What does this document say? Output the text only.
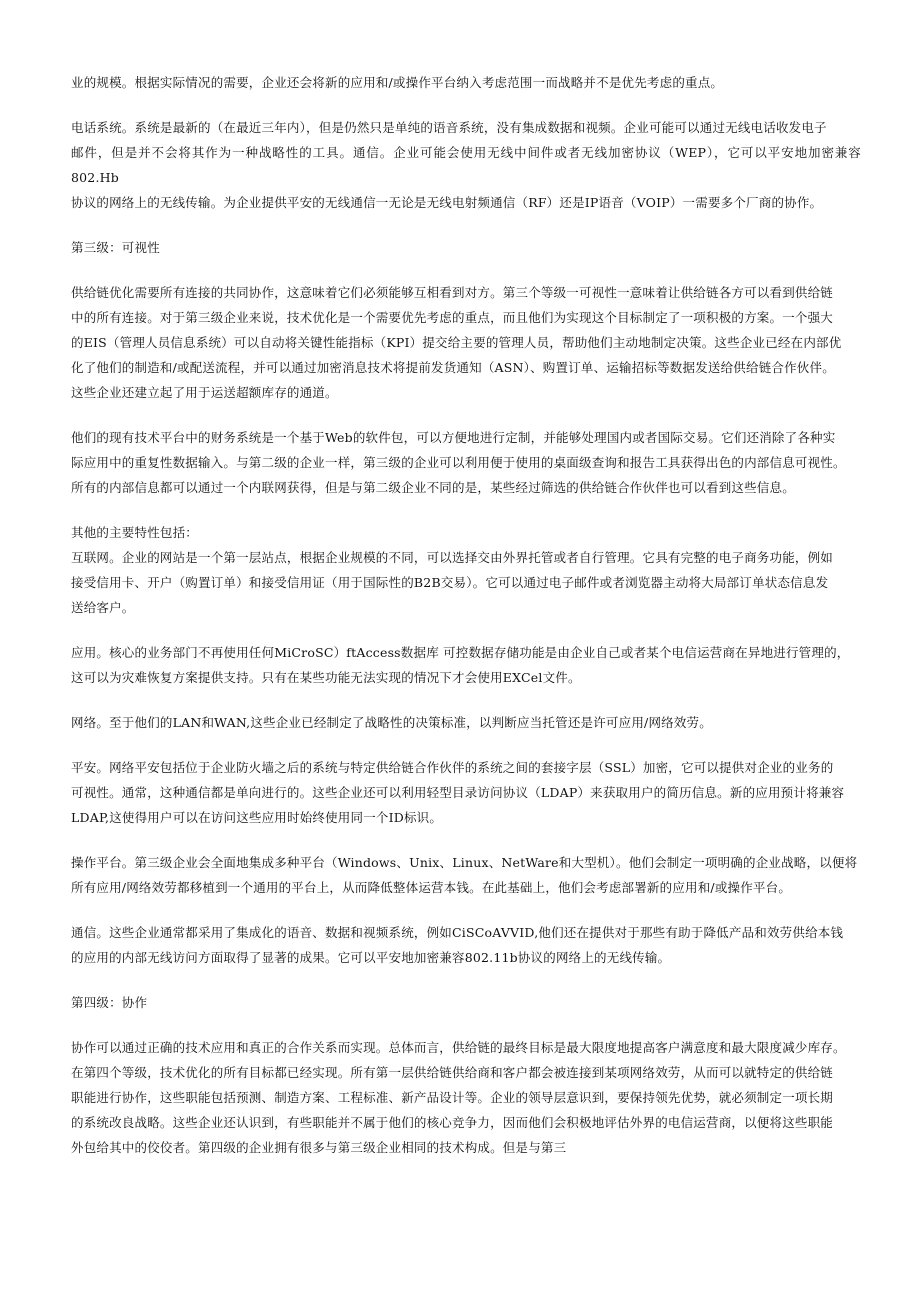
业的规模。根据实际情况的需要，企业还会将新的应用和/或操作平台纳入考虑范围一而战略并不是优先考虑的重点。

电话系统。系统是最新的（在最近三年内），但是仍然只是单纯的语音系统，没有集成数据和视频。企业可能可以通过无线电话收发电子
邮件，但是并不会将其作为一种战略性的工具。通信。企业可能会使用无线中间件或者无线加密协议（WEP），它可以平安地加密兼容802.Hb
协议的网络上的无线传输。为企业提供平安的无线通信一无论是无线电射频通信（RF）还是IP语音（VOIP）一需要多个厂商的协作。

第三级：可视性

供给链优化需要所有连接的共同协作，这意味着它们必须能够互相看到对方。第三个等级一可视性一意味着让供给链各方可以看到供给链
中的所有连接。对于第三级企业来说，技术优化是一个需要优先考虑的重点，而且他们为实现这个目标制定了一项积极的方案。一个强大
的EIS（管理人员信息系统）可以自动将关键性能指标（KPI）提交给主要的管理人员，帮助他们主动地制定决策。这些企业已经在内部优
化了他们的制造和/或配送流程，并可以通过加密消息技术将提前发货通知（ASN）、购置订单、运输招标等数据发送给供给链合作伙伴。
这些企业还建立起了用于运送超额库存的通道。

他们的现有技术平台中的财务系统是一个基于Web的软件包，可以方便地进行定制，并能够处理国内或者国际交易。它们还消除了各种实
际应用中的重复性数据输入。与第二级的企业一样，第三级的企业可以利用便于使用的桌面级查询和报告工具获得出色的内部信息可视性。
所有的内部信息都可以通过一个内联网获得，但是与第二级企业不同的是，某些经过筛选的供给链合作伙伴也可以看到这些信息。

其他的主要特性包括：
互联网。企业的网站是一个第一层站点，根据企业规模的不同，可以选择交由外界托管或者自行管理。它具有完整的电子商务功能，例如
接受信用卡、开户（购置订单）和接受信用证（用于国际性的B2B交易）。它可以通过电子邮件或者浏览器主动将大局部订单状态信息发
送给客户。

应用。核心的业务部门不再使用任何MiCroSC）ftAccess数据库 可控数据存储功能是由企业自己或者某个电信运营商在异地进行管理的，
这可以为灾难恢复方案提供支持。只有在某些功能无法实现的情况下才会使用EXCel文件。

网络。至于他们的LAN和WAN,这些企业已经制定了战略性的决策标准，以判断应当托管还是许可应用/网络效劳。

平安。网络平安包括位于企业防火墙之后的系统与特定供给链合作伙伴的系统之间的套接字层（SSL）加密，它可以提供对企业的业务的
可视性。通常，这种通信都是单向进行的。这些企业还可以利用轻型目录访问协议（LDAP）来获取用户的简历信息。新的应用预计将兼容
LDAP,这使得用户可以在访问这些应用时始终使用同一个ID标识。

操作平台。第三级企业会全面地集成多种平台（Windows、Unix、Linux、NetWare和大型机）。他们会制定一项明确的企业战略，以便将
所有应用/网络效劳都移植到一个通用的平台上，从而降低整体运营本钱。在此基础上，他们会考虑部署新的应用和/或操作平台。

通信。这些企业通常都采用了集成化的语音、数据和视频系统，例如CiSCoAVVID,他们还在提供对于那些有助于降低产品和效劳供给本钱
的应用的内部无线访问方面取得了显著的成果。它可以平安地加密兼容802.11b协议的网络上的无线传输。

第四级：协作

协作可以通过正确的技术应用和真正的合作关系而实现。总体而言，供给链的最终目标是最大限度地提高客户满意度和最大限度减少库存。
在第四个等级，技术优化的所有目标都已经实现。所有第一层供给链供给商和客户都会被连接到某项网络效劳，从而可以就特定的供给链
职能进行协作，这些职能包括预测、制造方案、工程标准、新产品设计等。企业的领导层意识到，要保持领先优势，就必须制定一项长期
的系统改良战略。这些企业还认识到，有些职能并不属于他们的核心竞争力，因而他们会积极地评估外界的电信运营商，以便将这些职能
外包给其中的佼佼者。第四级的企业拥有很多与第三级企业相同的技术构成。但是与第三
